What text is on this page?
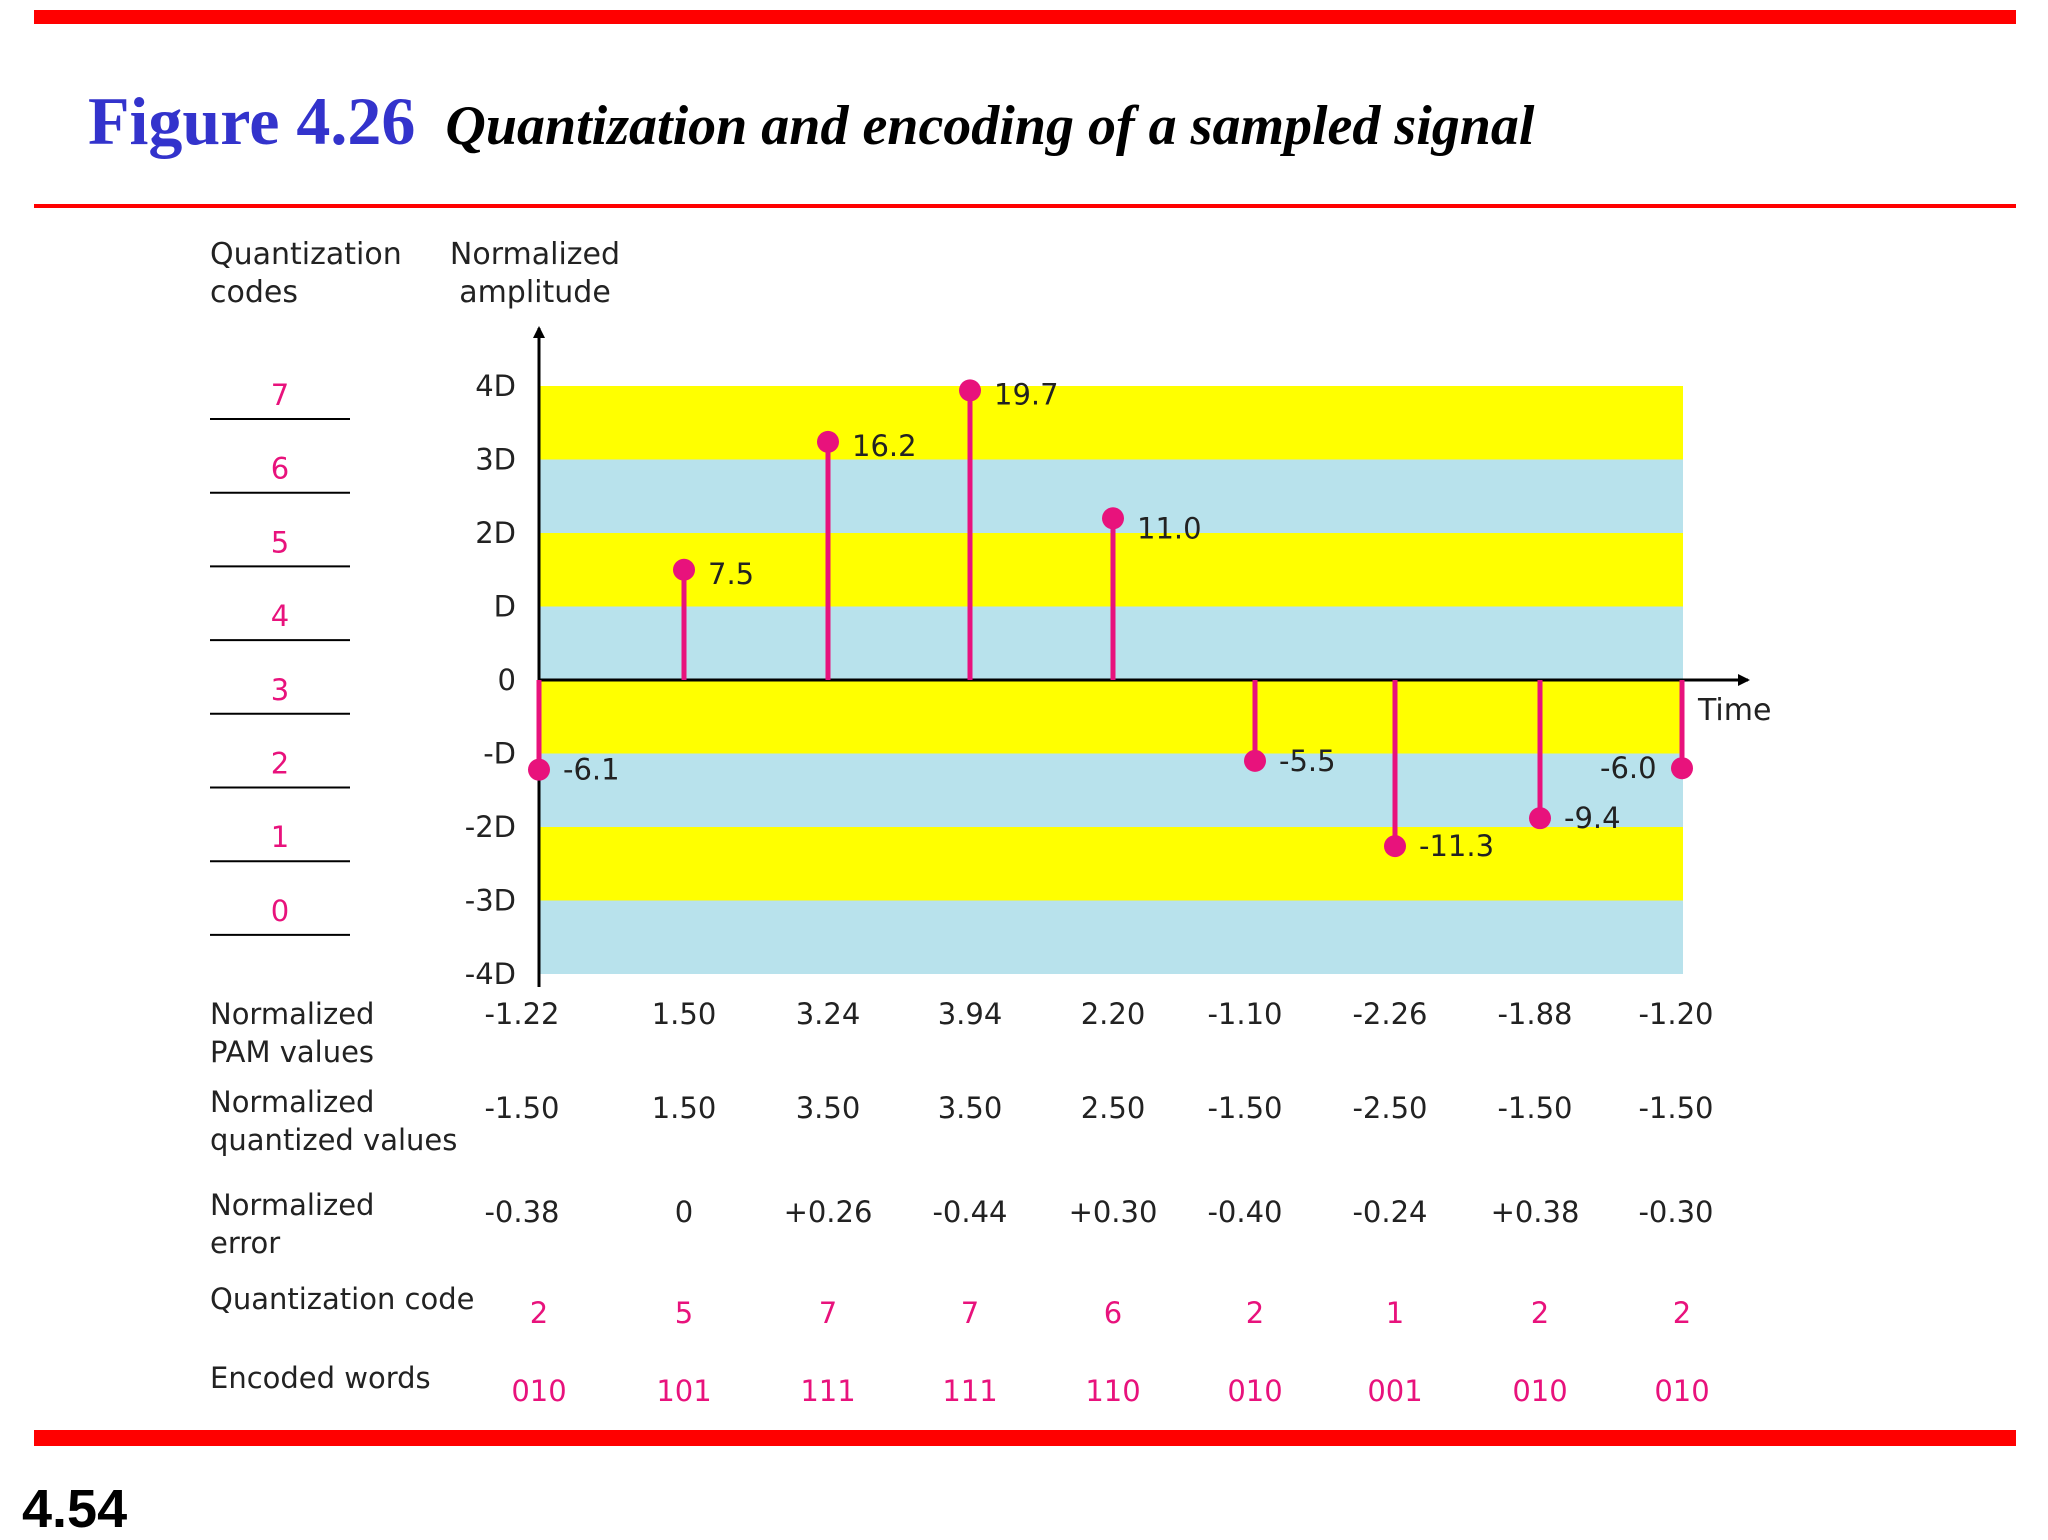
Figure 4.26 Quantization and encoding of a sampled signal
Quantization
codes
Normalized
amplitude
7
6
5
4
3
2
1
0
4D
3D
2D
D
0
-D
-2D
-3D
-4D
Time
-6.1
7.5
16.2
19.7
11.0
-5.5
-11.3
-9.4
-6.0
Normalized
PAM values
-1.22	1.50	3.24	3.94	2.20 -1.10 -2.26 -1.88 -1.20
Normalized
quantized values
-1.50	1.50	3.50	3.50	2.50 -1.50 -2.50 -1.50 -1.50
Normalized
error
-0.38	0	+0.26 -0.44 +0.30 -0.40 -0.24 +0.38 -0.30
Quantization code 2	5	7	7	6	2	1	2	2
Encoded words	010	101	111	111	110	010	001	010	010
4.54
